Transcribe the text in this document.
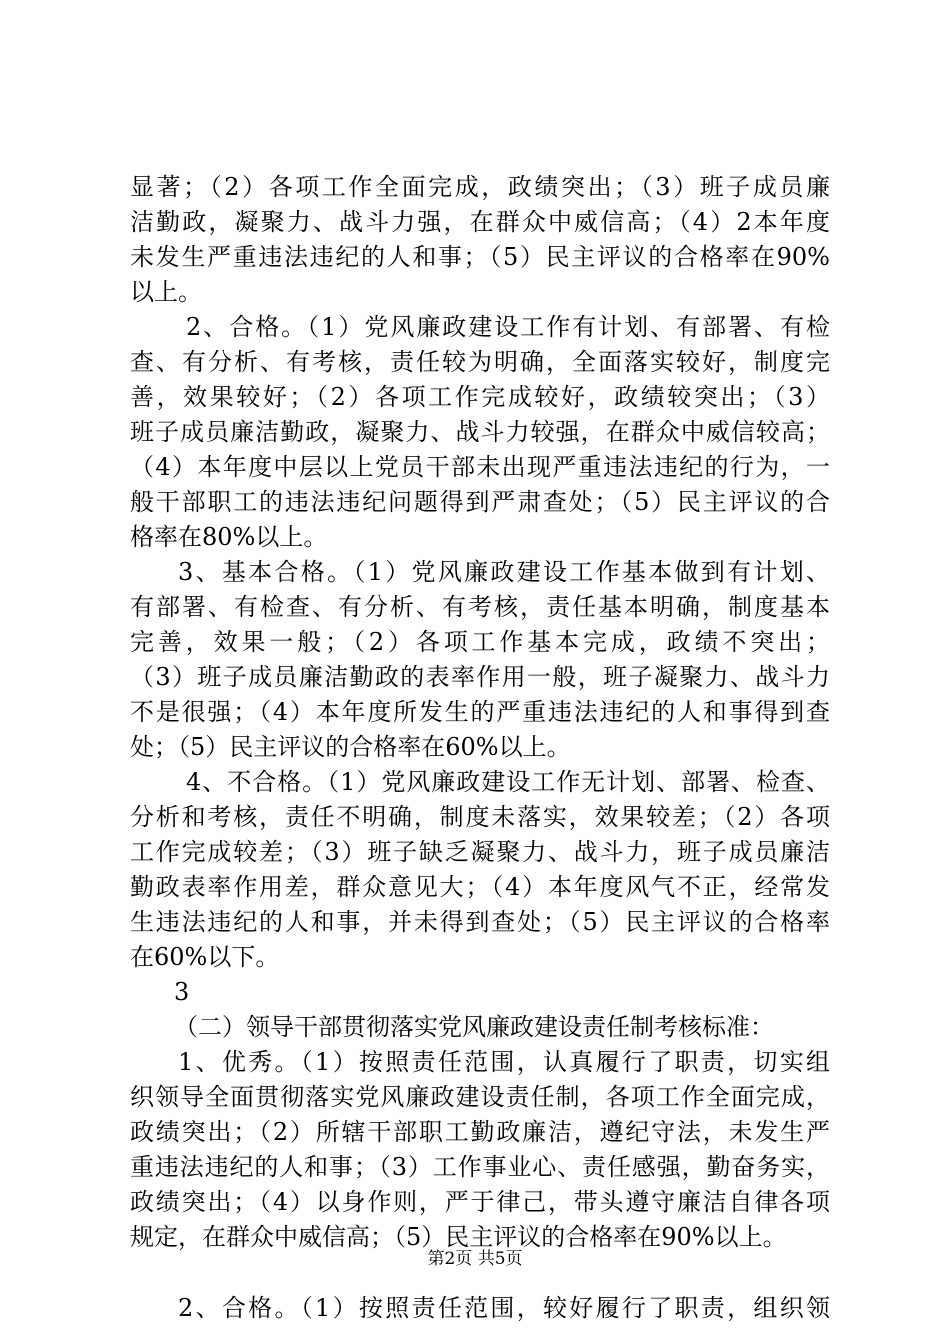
显著；（2）各项工作全面完成，政绩突出；（3）班子成员廉
洁勤政，凝聚力、战斗力强，在群众中威信高；（4）2本年度
未发生严重违法违纪的人和事；（5）民主评议的合格率在90%
以上。
2、合格。（1）党风廉政建设工作有计划、有部署、有检
查、有分析、有考核，责任较为明确，全面落实较好，制度完
善，效果较好；（2）各项工作完成较好，政绩较突出；（3）
班子成员廉洁勤政，凝聚力、战斗力较强，在群众中威信较高；
（4）本年度中层以上党员干部未出现严重违法违纪的行为，一
般干部职工的违法违纪问题得到严肃查处；（5）民主评议的合
格率在80%以上。
3、基本合格。（1）党风廉政建设工作基本做到有计划、
有部署、有检查、有分析、有考核，责任基本明确，制度基本
完善，效果一般；（2）各项工作基本完成，政绩不突出；
（3）班子成员廉洁勤政的表率作用一般，班子凝聚力、战斗力
不是很强；（4）本年度所发生的严重违法违纪的人和事得到查
处；（5）民主评议的合格率在60%以上。
4、不合格。（1）党风廉政建设工作无计划、部署、检查、
分析和考核，责任不明确，制度未落实，效果较差；（2）各项
工作完成较差；（3）班子缺乏凝聚力、战斗力，班子成员廉洁
勤政表率作用差，群众意见大；（4）本年度风气不正，经常发
生违法违纪的人和事，并未得到查处；（5）民主评议的合格率
在60%以下。
3
（二）领导干部贯彻落实党风廉政建设责任制考核标准：
1、优秀。（1）按照责任范围，认真履行了职责，切实组
织领导全面贯彻落实党风廉政建设责任制，各项工作全面完成，
政绩突出；（2）所辖干部职工勤政廉洁，遵纪守法，未发生严
重违法违纪的人和事；（3）工作事业心、责任感强，勤奋务实，
政绩突出；（4）以身作则，严于律己，带头遵守廉洁自律各项
规定，在群众中威信高；（5）民主评议的合格率在90%以上。
2、合格。（1）按照责任范围，较好履行了职责，组织领
第2页 共5页
